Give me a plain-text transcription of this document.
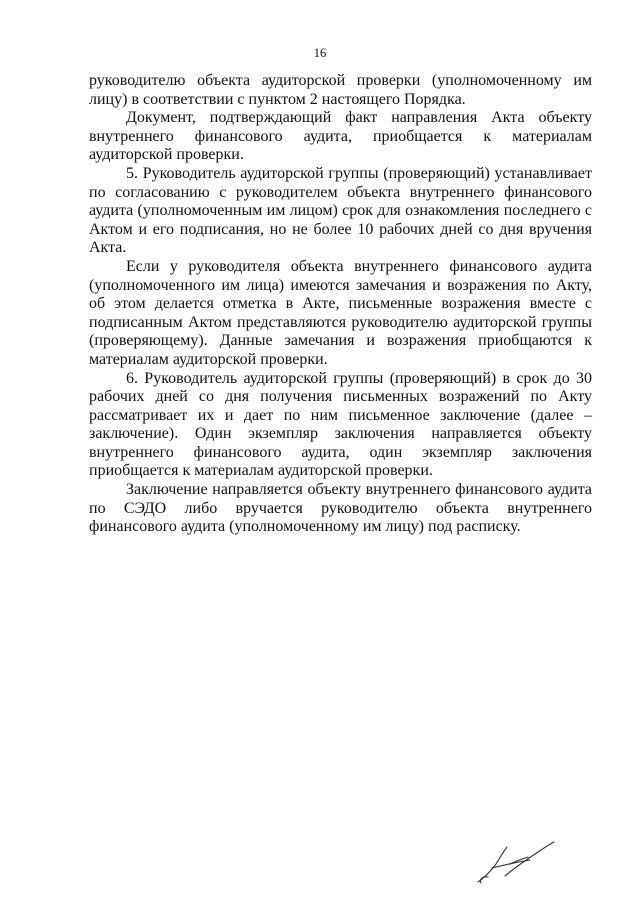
16

руководителю объекта аудиторской проверки (уполномоченному им лицу) в соответствии с пунктом 2 настоящего Порядка.

Документ, подтверждающий факт направления Акта объекту внутреннего финансового аудита, приобщается к материалам аудиторской проверки.

5. Руководитель аудиторской группы (проверяющий) устанавливает по согласованию с руководителем объекта внутреннего финансового аудита (уполномоченным им лицом) срок для ознакомления последнего с Актом и его подписания, но не более 10 рабочих дней со дня вручения Акта.

Если у руководителя объекта внутреннего финансового аудита (уполномоченного им лица) имеются замечания и возражения по Акту, об этом делается отметка в Акте, письменные возражения вместе с подписанным Актом представляются руководителю аудиторской группы (проверяющему). Данные замечания и возражения приобщаются к материалам аудиторской проверки.

6. Руководитель аудиторской группы (проверяющий) в срок до 30 рабочих дней со дня получения письменных возражений по Акту рассматривает их и дает по ним письменное заключение (далее – заключение). Один экземпляр заключения направляется объекту внутреннего финансового аудита, один экземпляр заключения приобщается к материалам аудиторской проверки.

Заключение направляется объекту внутреннего финансового аудита по СЭДО либо вручается руководителю объекта внутреннего финансового аудита (уполномоченному им лицу) под расписку.
